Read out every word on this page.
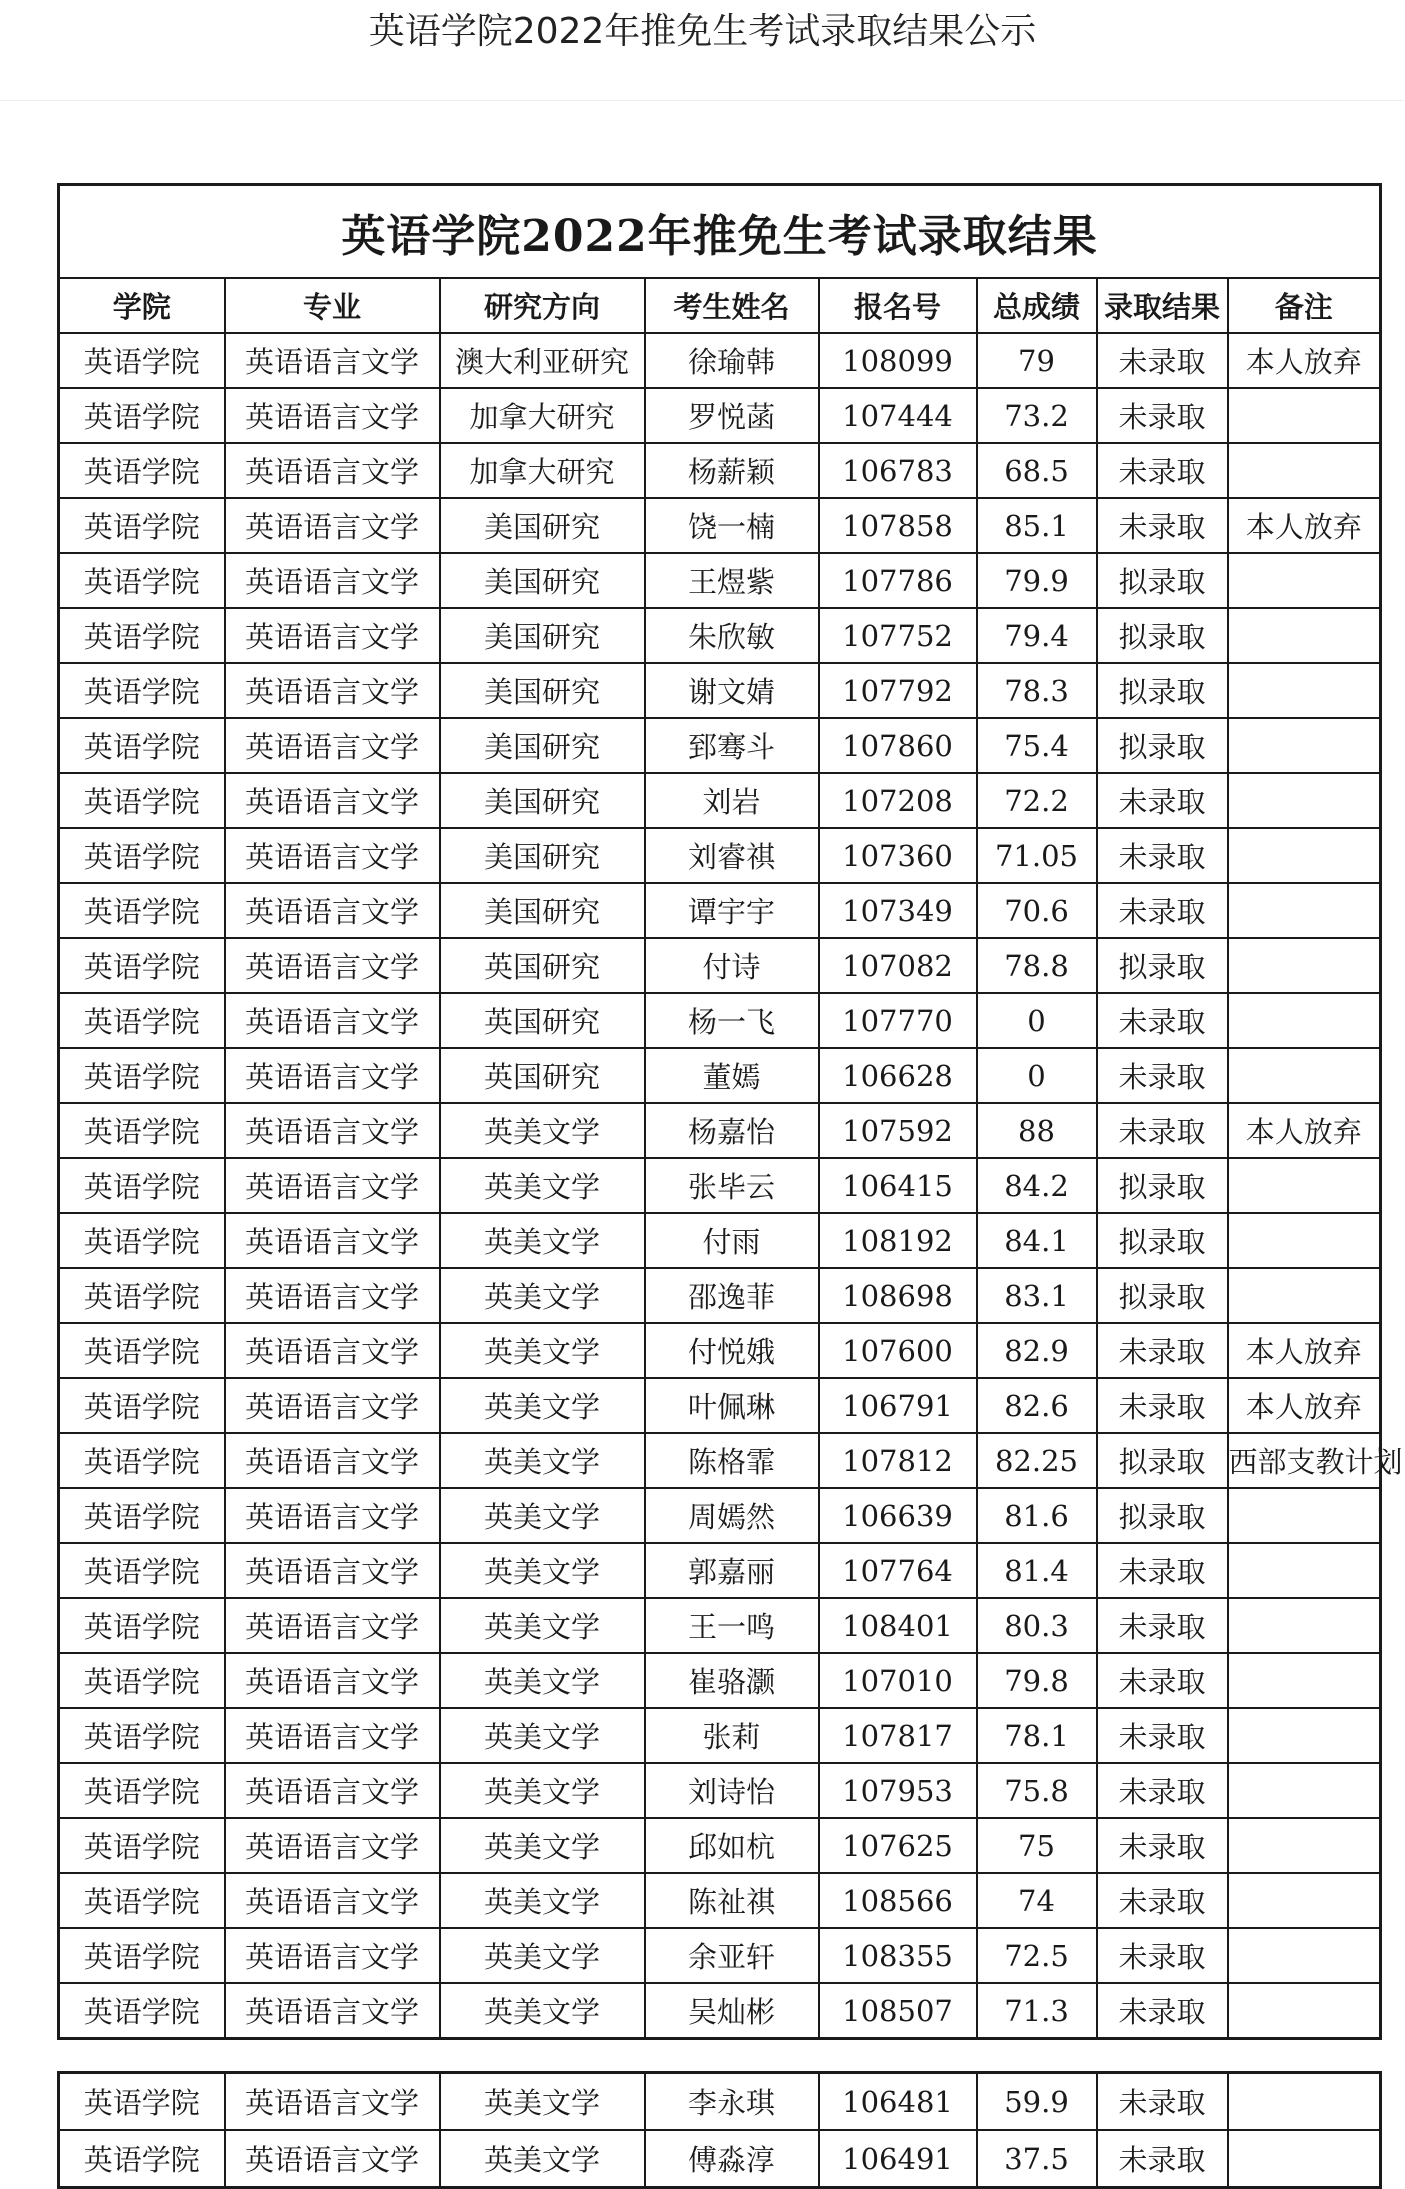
英语学院2022年推免生考试录取结果公示
英语学院2022年推免生考试录取结果							
学院	专业	研究方向	考生姓名	报名号	总成绩	录取结果	备注
英语学院	英语语言文学	澳大利亚研究	徐瑜韩	108099	79	未录取	本人放弃
英语学院	英语语言文学	加拿大研究	罗悦菡	107444	73.2	未录取	
英语学院	英语语言文学	加拿大研究	杨薪颖	106783	68.5	未录取	
英语学院	英语语言文学	美国研究	饶一楠	107858	85.1	未录取	本人放弃
英语学院	英语语言文学	美国研究	王煜紫	107786	79.9	拟录取	
英语学院	英语语言文学	美国研究	朱欣敏	107752	79.4	拟录取	
英语学院	英语语言文学	美国研究	谢文婧	107792	78.3	拟录取	
英语学院	英语语言文学	美国研究	郅骞斗	107860	75.4	拟录取	
英语学院	英语语言文学	美国研究	刘岩	107208	72.2	未录取	
英语学院	英语语言文学	美国研究	刘睿祺	107360	71.05	未录取	
英语学院	英语语言文学	美国研究	谭宇宇	107349	70.6	未录取	
英语学院	英语语言文学	英国研究	付诗	107082	78.8	拟录取	
英语学院	英语语言文学	英国研究	杨一飞	107770	0	未录取	
英语学院	英语语言文学	英国研究	董嫣	106628	0	未录取	
英语学院	英语语言文学	英美文学	杨嘉怡	107592	88	未录取	本人放弃
英语学院	英语语言文学	英美文学	张毕云	106415	84.2	拟录取	
英语学院	英语语言文学	英美文学	付雨	108192	84.1	拟录取	
英语学院	英语语言文学	英美文学	邵逸菲	108698	83.1	拟录取	
英语学院	英语语言文学	英美文学	付悦娥	107600	82.9	未录取	本人放弃
英语学院	英语语言文学	英美文学	叶佩琳	106791	82.6	未录取	本人放弃
英语学院	英语语言文学	英美文学	陈格霏	107812	82.25	拟录取	西部支教计划
英语学院	英语语言文学	英美文学	周嫣然	106639	81.6	拟录取	
英语学院	英语语言文学	英美文学	郭嘉丽	107764	81.4	未录取	
英语学院	英语语言文学	英美文学	王一鸣	108401	80.3	未录取	
英语学院	英语语言文学	英美文学	崔骆灏	107010	79.8	未录取	
英语学院	英语语言文学	英美文学	张莉	107817	78.1	未录取	
英语学院	英语语言文学	英美文学	刘诗怡	107953	75.8	未录取	
英语学院	英语语言文学	英美文学	邱如杭	107625	75	未录取	
英语学院	英语语言文学	英美文学	陈祉祺	108566	74	未录取	
英语学院	英语语言文学	英美文学	余亚轩	108355	72.5	未录取	
英语学院	英语语言文学	英美文学	吴灿彬	108507	71.3	未录取	
英语学院	英语语言文学	英美文学	李永琪	106481	59.9	未录取	
英语学院	英语语言文学	英美文学	傅淼淳	106491	37.5	未录取	
